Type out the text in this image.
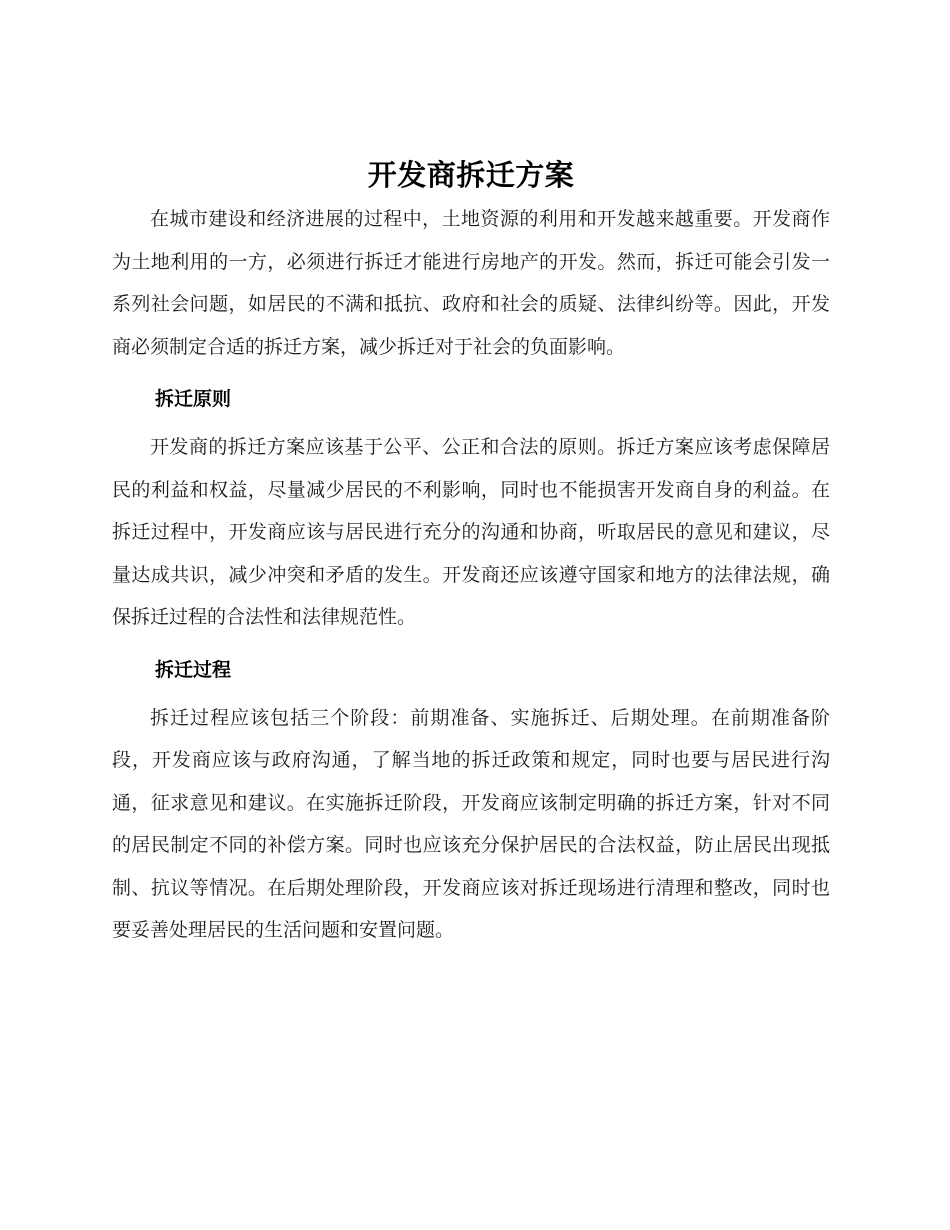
开发商拆迁方案

在城市建设和经济进展的过程中，土地资源的利用和开发越来越重要。开发商作为土地利用的一方，必须进行拆迁才能进行房地产的开发。然而，拆迁可能会引发一系列社会问题，如居民的不满和抵抗、政府和社会的质疑、法律纠纷等。因此，开发商必须制定合适的拆迁方案，减少拆迁对于社会的负面影响。

拆迁原则

开发商的拆迁方案应该基于公平、公正和合法的原则。拆迁方案应该考虑保障居民的利益和权益，尽量减少居民的不利影响，同时也不能损害开发商自身的利益。在拆迁过程中，开发商应该与居民进行充分的沟通和协商，听取居民的意见和建议，尽量达成共识，减少冲突和矛盾的发生。开发商还应该遵守国家和地方的法律法规，确保拆迁过程的合法性和法律规范性。

拆迁过程

拆迁过程应该包括三个阶段：前期准备、实施拆迁、后期处理。在前期准备阶段，开发商应该与政府沟通，了解当地的拆迁政策和规定，同时也要与居民进行沟通，征求意见和建议。在实施拆迁阶段，开发商应该制定明确的拆迁方案，针对不同的居民制定不同的补偿方案。同时也应该充分保护居民的合法权益，防止居民出现抵制、抗议等情况。在后期处理阶段，开发商应该对拆迁现场进行清理和整改，同时也要妥善处理居民的生活问题和安置问题。
